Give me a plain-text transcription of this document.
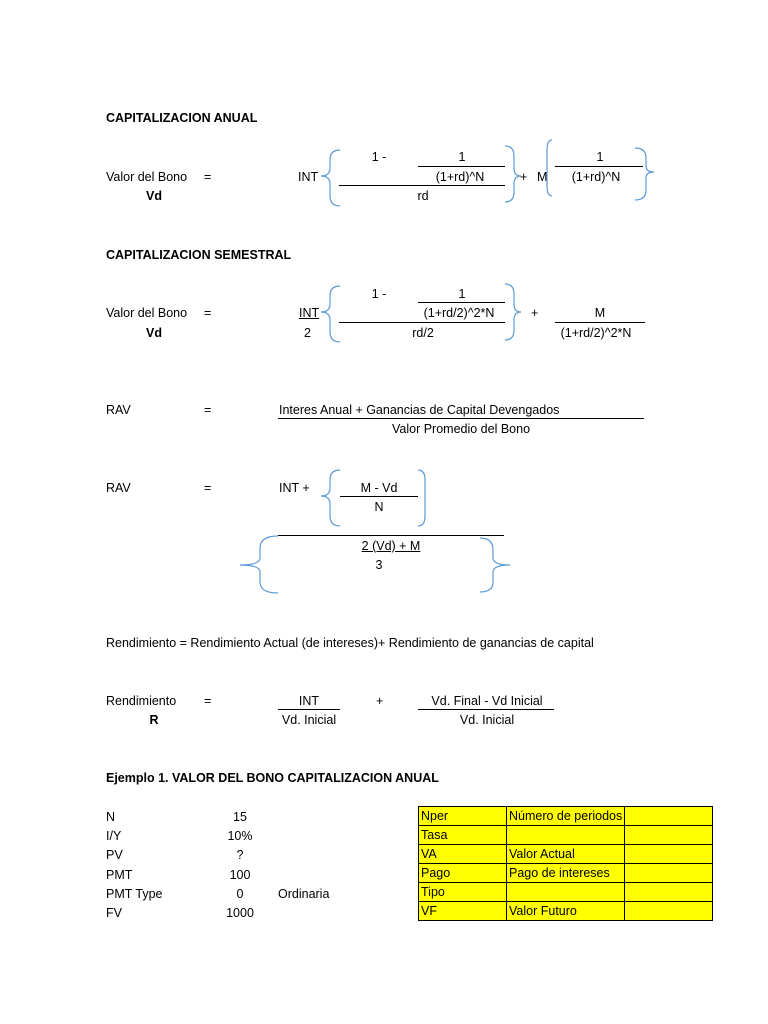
CAPITALIZACION ANUAL
Valor del Bono
Vd
=	INT
1 -	1
(1+rd)^N
rd
+ M
1
(1+rd)^N
CAPITALIZACION SEMESTRAL
Valor del Bono
Vd
=	INT
2
1 -	1
(1+rd/2)^2*N
rd/2
+	M
(1+rd/2)^2*N
RAV	=	Interes Anual + Ganancias de Capital Devengados
Valor Promedio del Bono
RAV	=	INT +	M - Vd
N
2 (Vd) + M
3
Rendimiento = Rendimiento Actual (de intereses)+ Rendimiento de ganancias de capital
Rendimiento
R
=	INT
Vd. Inicial
+	Vd. Final - Vd Inicial
Vd. Inicial
Ejemplo 1. VALOR DEL BONO CAPITALIZACION ANUAL
N	15
I/Y	10%
PV	?
PMT	100
PMT Type	0	Ordinaria
FV	1000
Nper	Número de periodos	
Tasa		
VA	Valor Actual	
Pago	Pago de intereses	
Tipo		
VF	Valor Futuro	
